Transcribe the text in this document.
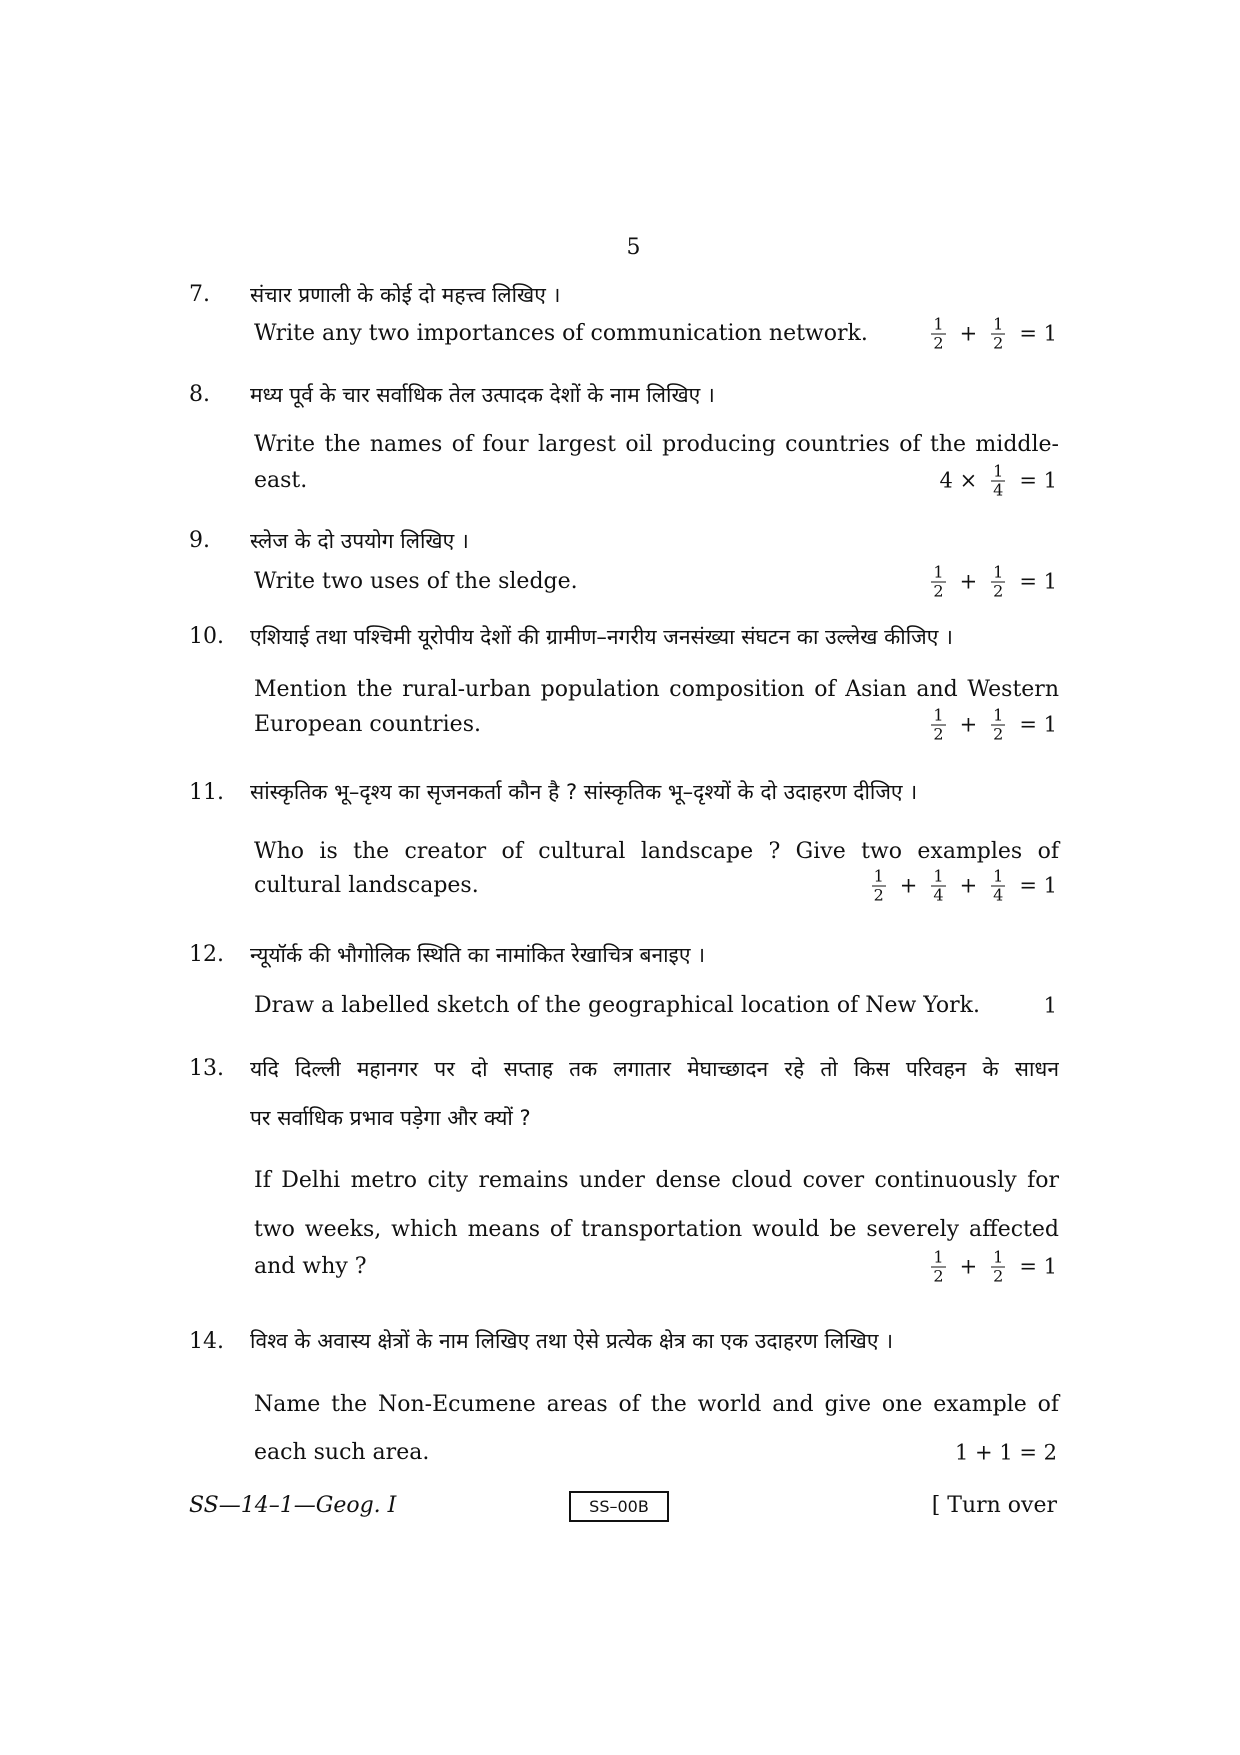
5
7.	संचार प्रणाली के कोई दो महत्त्व लिखिए ।
Write any two importances of communication network.	$\frac{1}{2} + \frac{1}{2} = 1$
8.	मध्य पूर्व के चार सर्वाधिक तेल उत्पादक देशों के नाम लिखिए ।
Write the names of four largest oil producing countries of the middle-
east.	$4 \times \frac{1}{4} = 1$
9.	स्लेज के दो उपयोग लिखिए ।
Write two uses of the sledge.	$\frac{1}{2} + \frac{1}{2} = 1$
10.	एशियाई तथा पश्चिमी यूरोपीय देशों की ग्रामीण–नगरीय जनसंख्या संघटन का उल्लेख कीजिए ।
Mention the rural-urban population composition of Asian and Western
European countries.	$\frac{1}{2} + \frac{1}{2} = 1$
11.	सांस्कृतिक भू–दृश्य का सृजनकर्ता कौन है ? सांस्कृतिक भू–दृश्यों के दो उदाहरण दीजिए ।
Who is the creator of cultural landscape ? Give two examples of
cultural landscapes.	$\frac{1}{2} + \frac{1}{4} + \frac{1}{4} = 1$
12.	न्यूयॉर्क की भौगोलिक स्थिति का नामांकित रेखाचित्र बनाइए ।
Draw a labelled sketch of the geographical location of New York.	1
13.	यदि दिल्ली महानगर पर दो सप्ताह तक लगातार मेघाच्छादन रहे तो किस परिवहन के साधन
पर सर्वाधिक प्रभाव पड़ेगा और क्यों ?
If Delhi metro city remains under dense cloud cover continuously for
two weeks, which means of transportation would be severely affected
and why ?	$\frac{1}{2} + \frac{1}{2} = 1$
14.	विश्व के अवास्य क्षेत्रों के नाम लिखिए तथा ऐसे प्रत्येक क्षेत्र का एक उदाहरण लिखिए ।
Name the Non-Ecumene areas of the world and give one example of
each such area.	1 + 1 = 2
SS—14–1—Geog. I	SS–00B	[ Turn over
